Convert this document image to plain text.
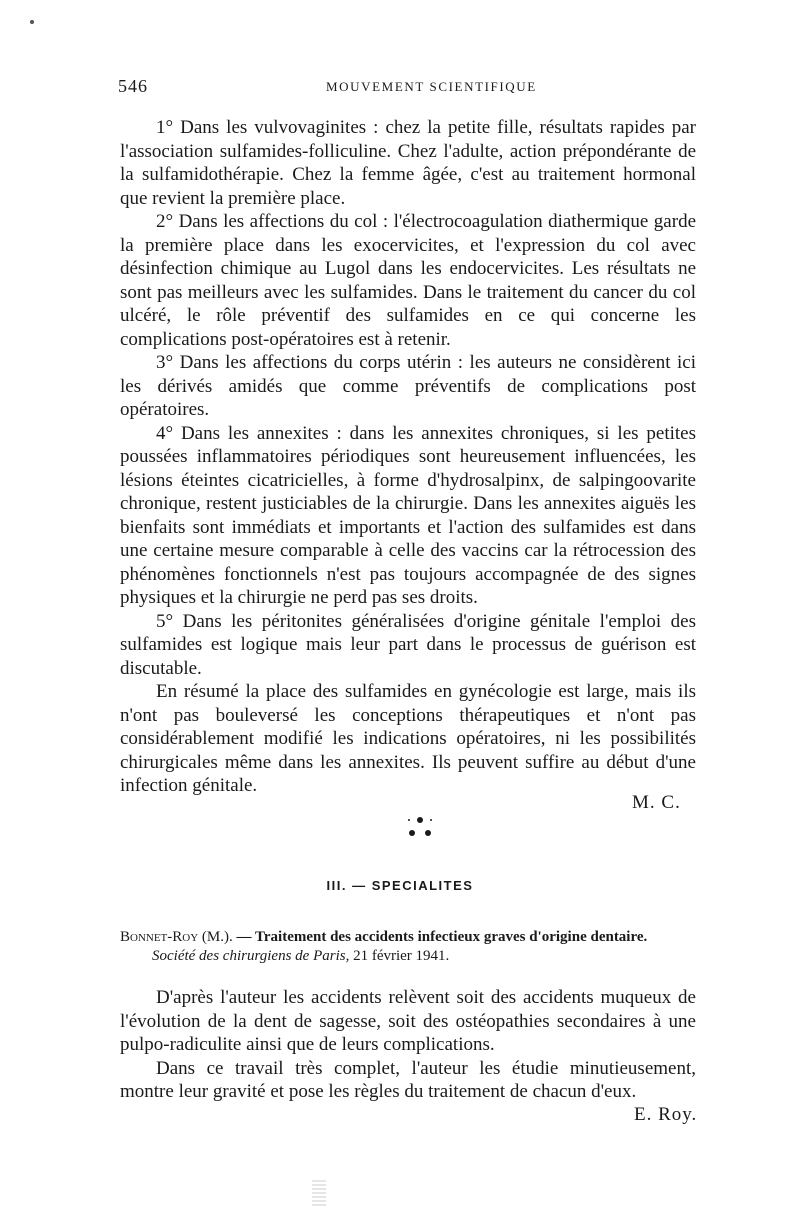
546	MOUVEMENT SCIENTIFIQUE

1° Dans les vulvovaginites : chez la petite fille, résultats rapides par l'association sulfamides-folliculine. Chez l'adulte, action prépondérante de la sulfamidothérapie. Chez la femme âgée, c'est au traitement hormonal que revient la première place.

2° Dans les affections du col : l'électrocoagulation diathermique garde la première place dans les exocervicites, et l'expression du col avec désinfection chimique au Lugol dans les endocervicites. Les résultats ne sont pas meilleurs avec les sulfamides. Dans le traitement du cancer du col ulcéré, le rôle préventif des sulfamides en ce qui concerne les complications post-opératoires est à retenir.

3° Dans les affections du corps utérin : les auteurs ne considèrent ici les dérivés amidés que comme préventifs de complications post opératoires.

4° Dans les annexites : dans les annexites chroniques, si les petites poussées inflammatoires périodiques sont heureusement influencées, les lésions éteintes cicatricielles, à forme d'hydrosalpinx, de salpingoovarite chronique, restent justiciables de la chirurgie. Dans les annexites aiguës les bienfaits sont immédiats et importants et l'action des sulfamides est dans une certaine mesure comparable à celle des vaccins car la rétrocession des phénomènes fonctionnels n'est pas toujours accompagnée de des signes physiques et la chirurgie ne perd pas ses droits.

5° Dans les péritonites généralisées d'origine génitale l'emploi des sulfamides est logique mais leur part dans le processus de guérison est discutable.

En résumé la place des sulfamides en gynécologie est large, mais ils n'ont pas bouleversé les conceptions thérapeutiques et n'ont pas considérablement modifié les indications opératoires, ni les possibilités chirurgicales même dans les annexites. Ils peuvent suffire au début d'une infection génitale.

M. C.
III. — SPECIALITES
Bonnet-Roy (M.). — Traitement des accidents infectieux graves d'origine dentaire.
Société des chirurgiens de Paris, 21 février 1941.

D'après l'auteur les accidents relèvent soit des accidents muqueux de l'évolution de la dent de sagesse, soit des ostéopathies secondaires à une pulpo-radiculite ainsi que de leurs complications.

Dans ce travail très complet, l'auteur les étudie minutieusement, montre leur gravité et pose les règles du traitement de chacun d'eux.

E. Roy.
